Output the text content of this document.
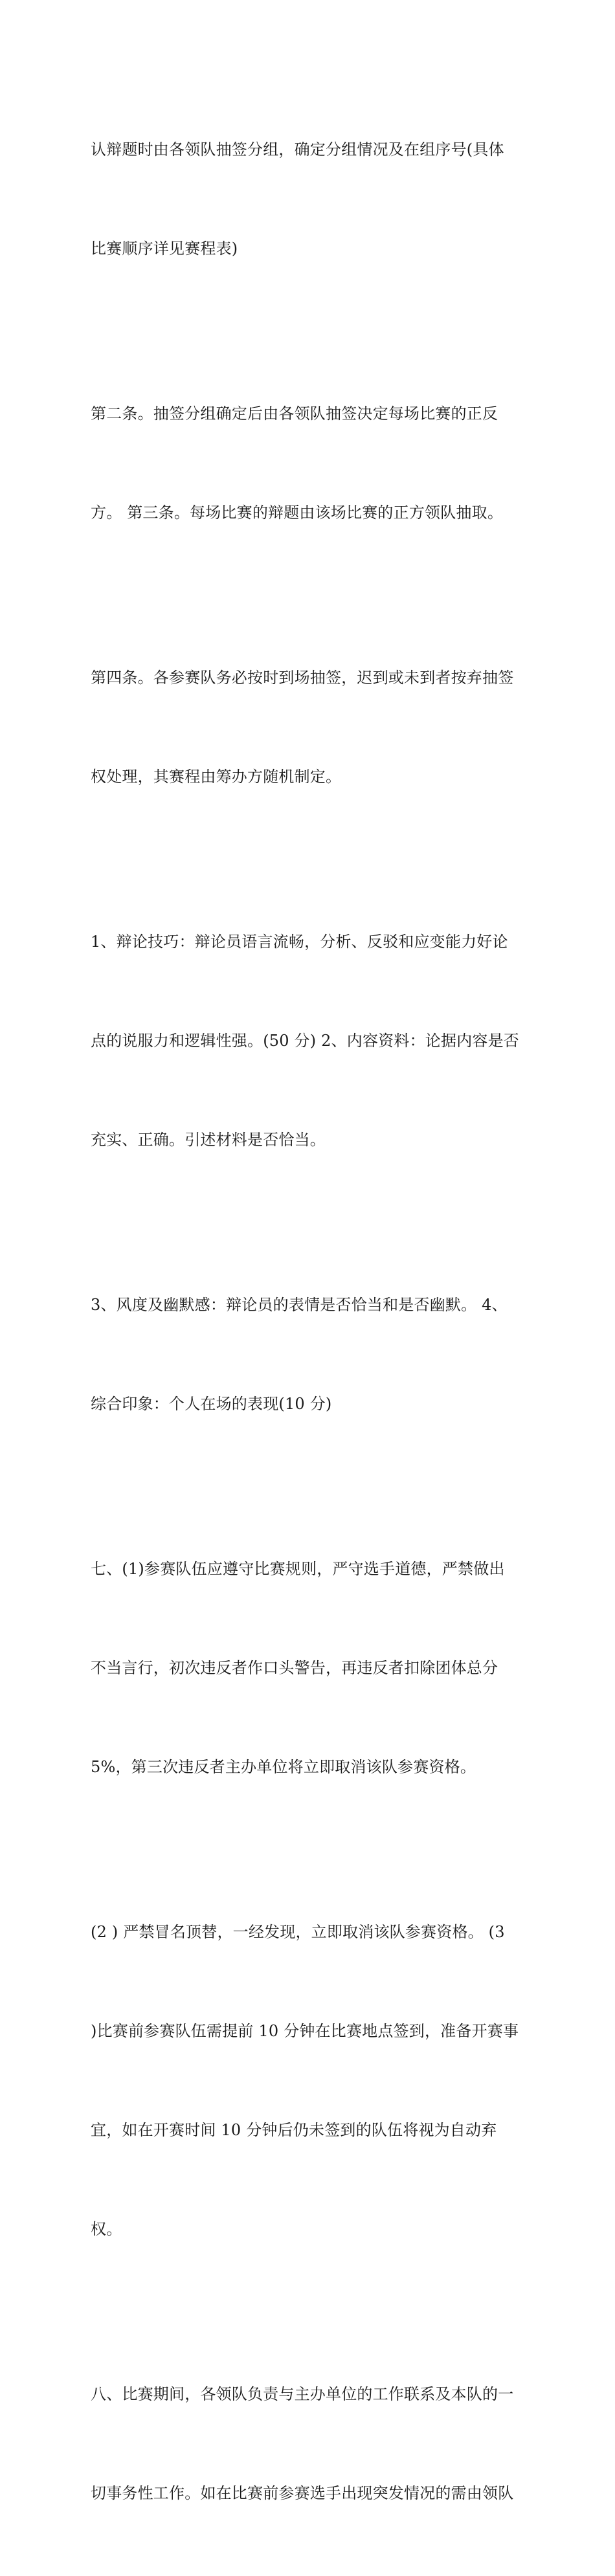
认辩题时由各领队抽签分组，确定分组情况及在组序号(具体

比赛顺序详见赛程表)

第二条。抽签分组确定后由各领队抽签决定每场比赛的正反

方。 第三条。每场比赛的辩题由该场比赛的正方领队抽取。

第四条。各参赛队务必按时到场抽签，迟到或未到者按弃抽签

权处理，其赛程由筹办方随机制定。

1、辩论技巧：辩论员语言流畅，分析、反驳和应变能力好论

点的说服力和逻辑性强。(50 分) 2、内容资料：论据内容是否

充实、正确。引述材料是否恰当。

3、风度及幽默感：辩论员的表情是否恰当和是否幽默。 4、

综合印象：个人在场的表现(10 分)

七、(1)参赛队伍应遵守比赛规则，严守选手道德，严禁做出

不当言行，初次违反者作口头警告，再违反者扣除团体总分

5%，第三次违反者主办单位将立即取消该队参赛资格。

(2 ) 严禁冒名顶替，一经发现，立即取消该队参赛资格。 (3

)比赛前参赛队伍需提前 10 分钟在比赛地点签到，准备开赛事

宜，如在开赛时间 10 分钟后仍未签到的队伍将视为自动弃

权。

八、比赛期间，各领队负责与主办单位的工作联系及本队的一

切事务性工作。如在比赛前参赛选手出现突发情况的需由领队
